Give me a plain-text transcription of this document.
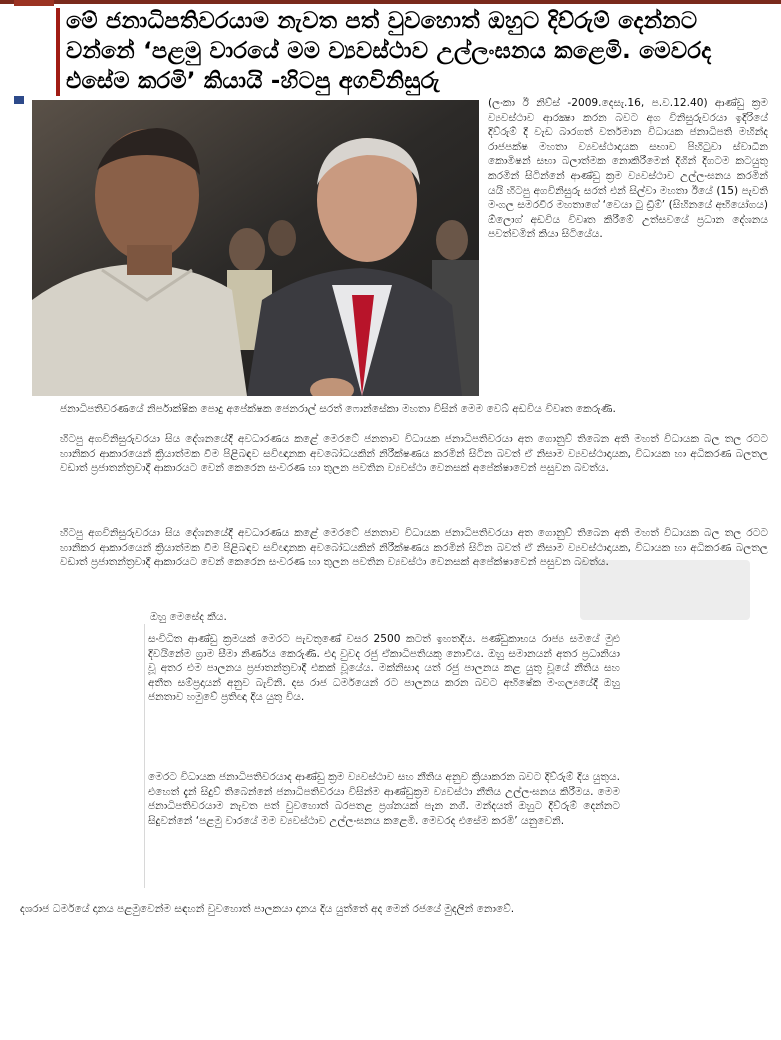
මේ ජනාධිපතිවරයාම නැවත පත් වුවහොත් ඔහුට දිව්රුම් දෙන්නට වන්නේ ‘පළමු වාරයේ මම ව්‍යවස්ථාව උල්ලංඝනය කළෙමි. මෙවරද එසේම කරමි’ කියායි -හිටපු අගවිනිසුරු
(ලංකා ඊ නිව්ස් -2009.දෙසැ.16, ප.ව.12.40) ආණ්ඩු ක්‍රම ව්‍යවස්ථාව ආරක්‍ෂා කරන බවට අග විනිසුරුවරයා ඉදිරියේ දිව්රුම් දී වැඩ බාරගත් වර්තමාන විධායක ජනාධිපති මහින්ද රාජපක්ෂ මහතා ව්‍යවස්ථාදායක සභාව පිහිටුවා ස්වාධීන කොමිෂන් සභා බලාත්මක නොකිරීමෙන් දිගින් දිගටම කටයුතු කරමින් සිටින්නේ ආණ්ඩු ක්‍රම ව්‍යවස්ථාව උල්ලංඝනය කරමින් යයි හිටපු අගවිනිසුරු සරත් එන් සිල්වා මහතා ඊයේ (15) පැවති මංගල සමරවීර මහතාගේ ‘වෙයා ටු ඩ්‍රීම්’ (සිහිනයේ අභියෝගය) ඕලොග් අඩවිය විවෘත කිරීමේ උත්සවයේ ප්‍රධාන දේශනය පවත්වමින් කියා සිටියේය.
ජනාධිපතිවරණයේ නිර්පාක්ෂික පොදු අපේක්ෂක ජෙනරාල් සරත් ෆොන්සේකා මහතා විසින් මෙම වෙබ් අඩවිය විවෘත කෙරුණි.
හිටපු අගවිනිසුරුවරයා සිය දේශනයේදී අවධාරණය කළේ මෙරටේ ජනතාව විධායක ජනාධිපතිවරයා අත ගොනුව් තිබෙන අති මහත් විධායක බල තල රටට හානිකර ආකාරයෙන් ක්‍රියාත්මක වීම පිළිබඳව සවිඥානක අවබෝධයකින් නිරීක්ෂණය කරමින් සිටින බවත් ඒ නිසාම ව්‍යවස්ථාදායක, විධායක හා අධිකරණ බලතල වඩාත් ප්‍රජාතන්ත්‍රවාදී ආකාරයට වෙන් කෙරෙන සංවරණ හා තුලන පවතින ව්‍යවස්ථා වෙනසක් අපේක්ෂාවෙන් පසුවන බවත්ය.
හිටපු අගවිනිසුරුවරයා සිය දේශනයේදී අවධාරණය කළේ මෙරටේ ජනතාව විධායක ජනාධිපතිවරයා අත ගොනුව් තිබෙන අති මහත් විධායක බල තල රටට හානිකර ආකාරයෙන් ක්‍රියාත්මක වීම පිළිබඳව සවිඥානක අවබෝධයකින් නිරීක්ෂණය කරමින් සිටින බවත් ඒ නිසාම ව්‍යවස්ථාදායක, විධායක හා අධිකරණ බලතල වඩාත් ප්‍රජාතන්ත්‍රවාදී ආකාරයට වෙන් කෙරෙන සංවරණ හා තුලන පවතින ව්‍යවස්ථා වෙනසක් අපේක්ෂාවෙන් පසුවන බවත්ය.
ඔහු මෙසේද කීය.
සංවිධිත ආණ්ඩු ක්‍රමයක් මෙරට පැවතුණේ වසර 2500 කටත් ඉහතදීය. පණ්ඩුකාභය රාජ්‍ය සමයේ මුළු දිවයිනේම ග්‍රාම සීමා නිර්ණය කෙරුණි. එදා වුවද රජු ඒකාධිපතියකු නොවීය. ඔහු සමානයන් අතර ප්‍රධානියා වූ අතර එම පාලනය ප්‍රජාතන්ත්‍රවාදී එකක් වූයේය. මක්නිසාද යත් රජු පාලනය කළ යුතු වූයේ නීතිය සහ අතීත සම්ප්‍රදායන් අනුව බැවිනි. දස රාජ ධර්මයෙන් රට පාලනය කරන බවට අභිෂේක මංගල්‍යයේදී ඔහු ජනතාව හමුවේ ප්‍රතිඥා දිය යුතු විය.
මෙරට විධායක ජනාධිපතිවරයාද ආණ්ඩු ක්‍රම ව්‍යවස්ථාව සහ නීතිය අනුව ක්‍රියාකරන බවට දිව්රුම් දිය යුතුය. එහෙත් දැන් සිදුව් තිබෙන්නේ ජනාධිපතිවරයා විසින්ම ආණ්ඩුක්‍රම ව්‍යවස්ථා නීතිය උල්ලංඝනය කිරීමය. මෙම ජනාධිපතිවරයාම නැවත පත් වුවහොත් බරපතළ ප්‍රශ්නයක් පැන නගී. මන්දයත් ඔහුට දිව්රුම් දෙන්නට සිදුවන්නේ ‘පළමු වාරයේ මම ව්‍යවස්ථාව උල්ලංඝනය කළෙමි. මෙවරද එසේම කරමි’ යනුවෙනි.
දශරාජ ධර්මයේ දානය පළමුවෙන්ම සඳහන් වුවහොත් පාලකයා දානය දිය යුත්තේ අද මෙන් රජයේ මුදලින් නොවේ.
